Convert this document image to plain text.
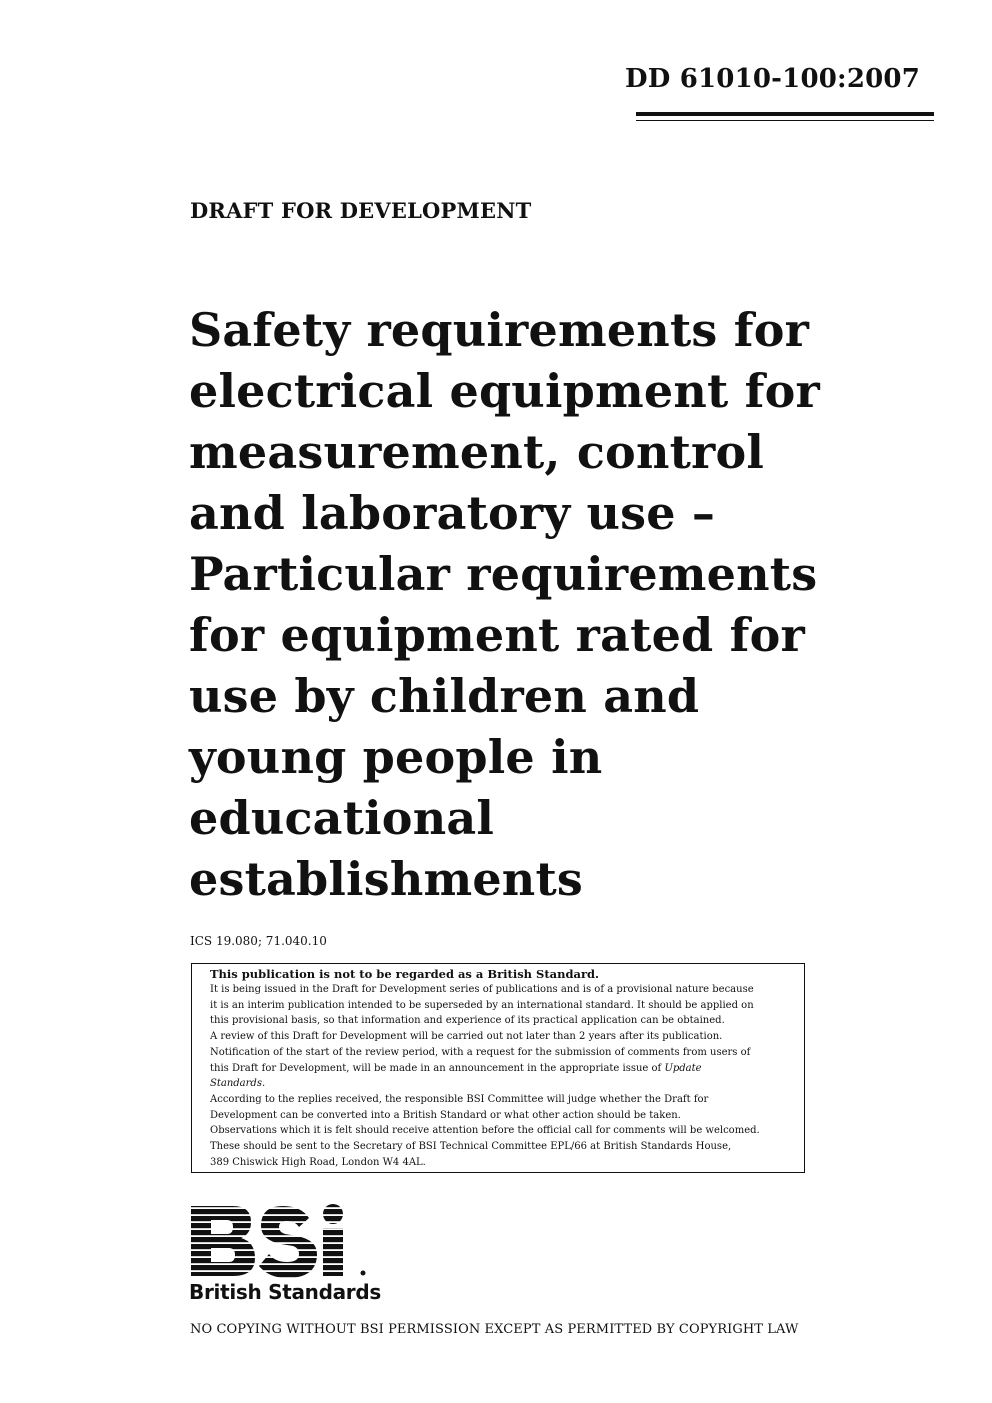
DD 61010-100:2007
DRAFT FOR DEVELOPMENT
Safety requirements for
electrical equipment for
measurement, control
and laboratory use –
Particular requirements
for equipment rated for
use by children and
young people in
educational
establishments
ICS 19.080; 71.040.10
This publication is not to be regarded as a British Standard.
It is being issued in the Draft for Development series of publications and is of a provisional nature because
it is an interim publication intended to be superseded by an international standard. It should be applied on
this provisional basis, so that information and experience of its practical application can be obtained.
A review of this Draft for Development will be carried out not later than 2 years after its publication.
Notification of the start of the review period, with a request for the submission of comments from users of
this Draft for Development, will be made in an announcement in the appropriate issue of Update
Standards.
According to the replies received, the responsible BSI Committee will judge whether the Draft for
Development can be converted into a British Standard or what other action should be taken.
Observations which it is felt should receive attention before the official call for comments will be welcomed.
These should be sent to the Secretary of BSI Technical Committee EPL/66 at British Standards House,
389 Chiswick High Road, London W4 4AL.
British Standards
NO COPYING WITHOUT BSI PERMISSION EXCEPT AS PERMITTED BY COPYRIGHT LAW
